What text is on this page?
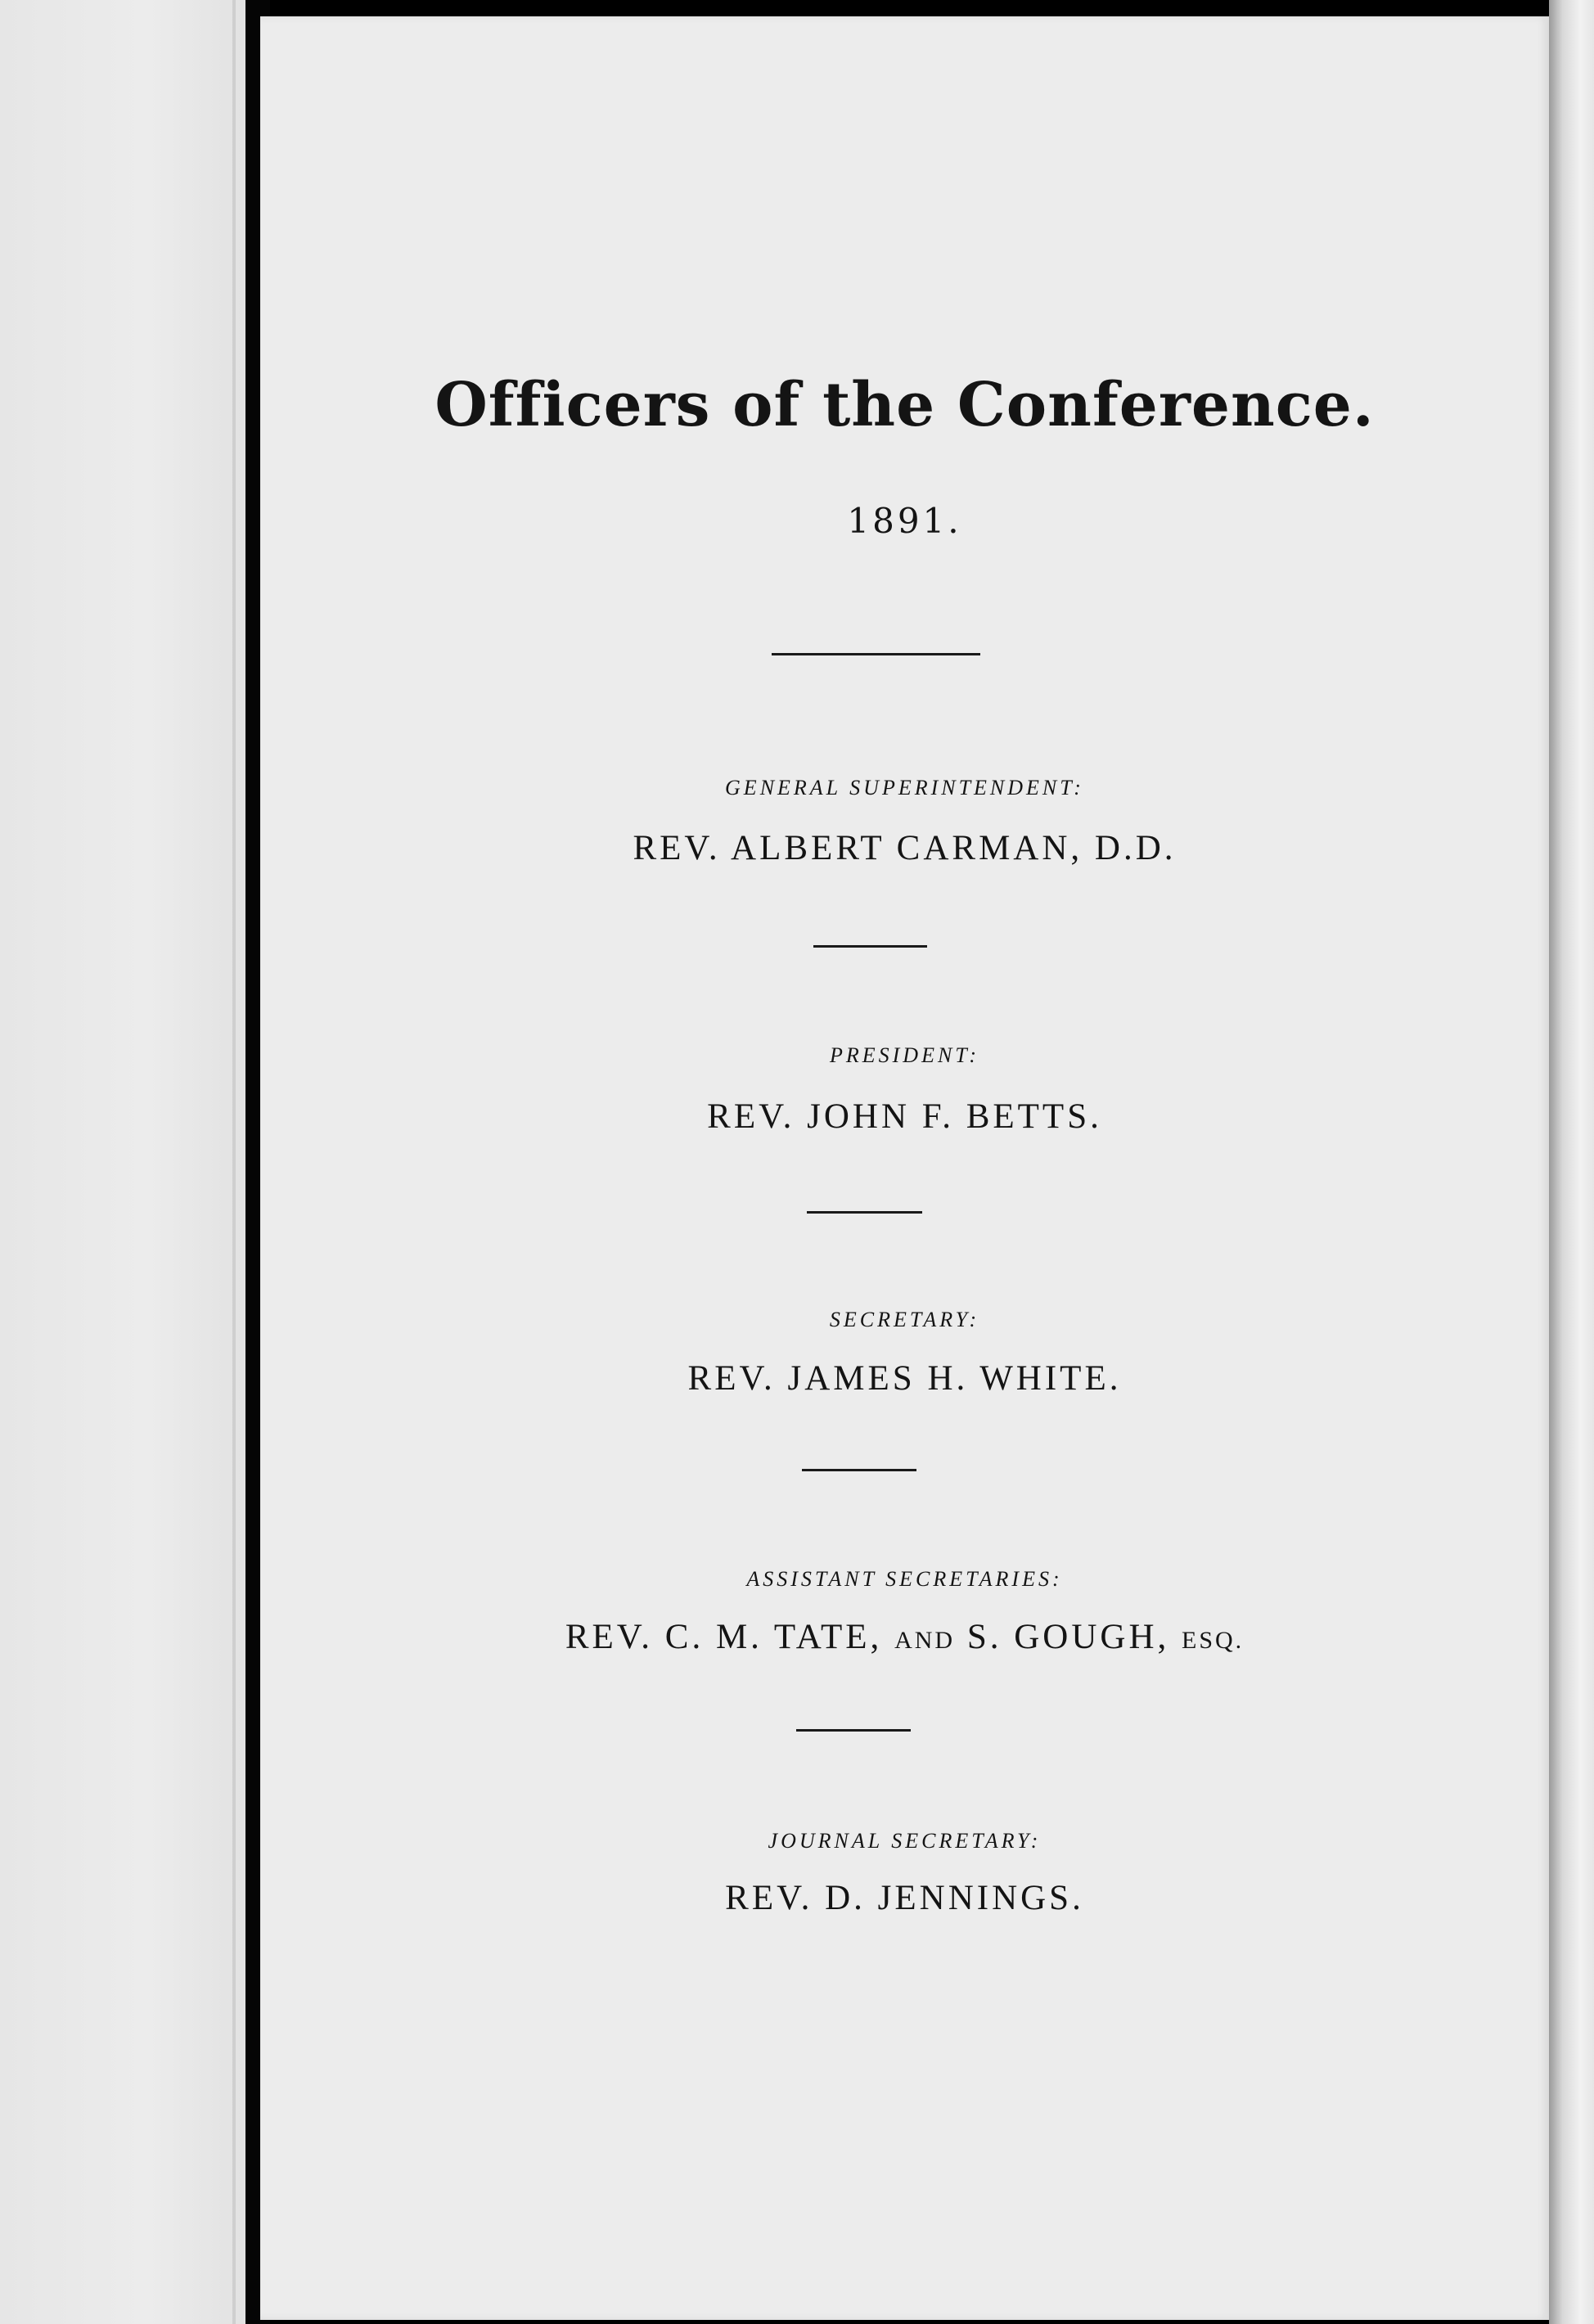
Officers of the Conference.
1891.
GENERAL SUPERINTENDENT:
REV. ALBERT CARMAN, D.D.
PRESIDENT:
REV. JOHN F. BETTS.
SECRETARY:
REV. JAMES H. WHITE.
ASSISTANT SECRETARIES:
REV. C. M. TATE, AND S. GOUGH, ESQ.
JOURNAL SECRETARY:
REV. D. JENNINGS.
